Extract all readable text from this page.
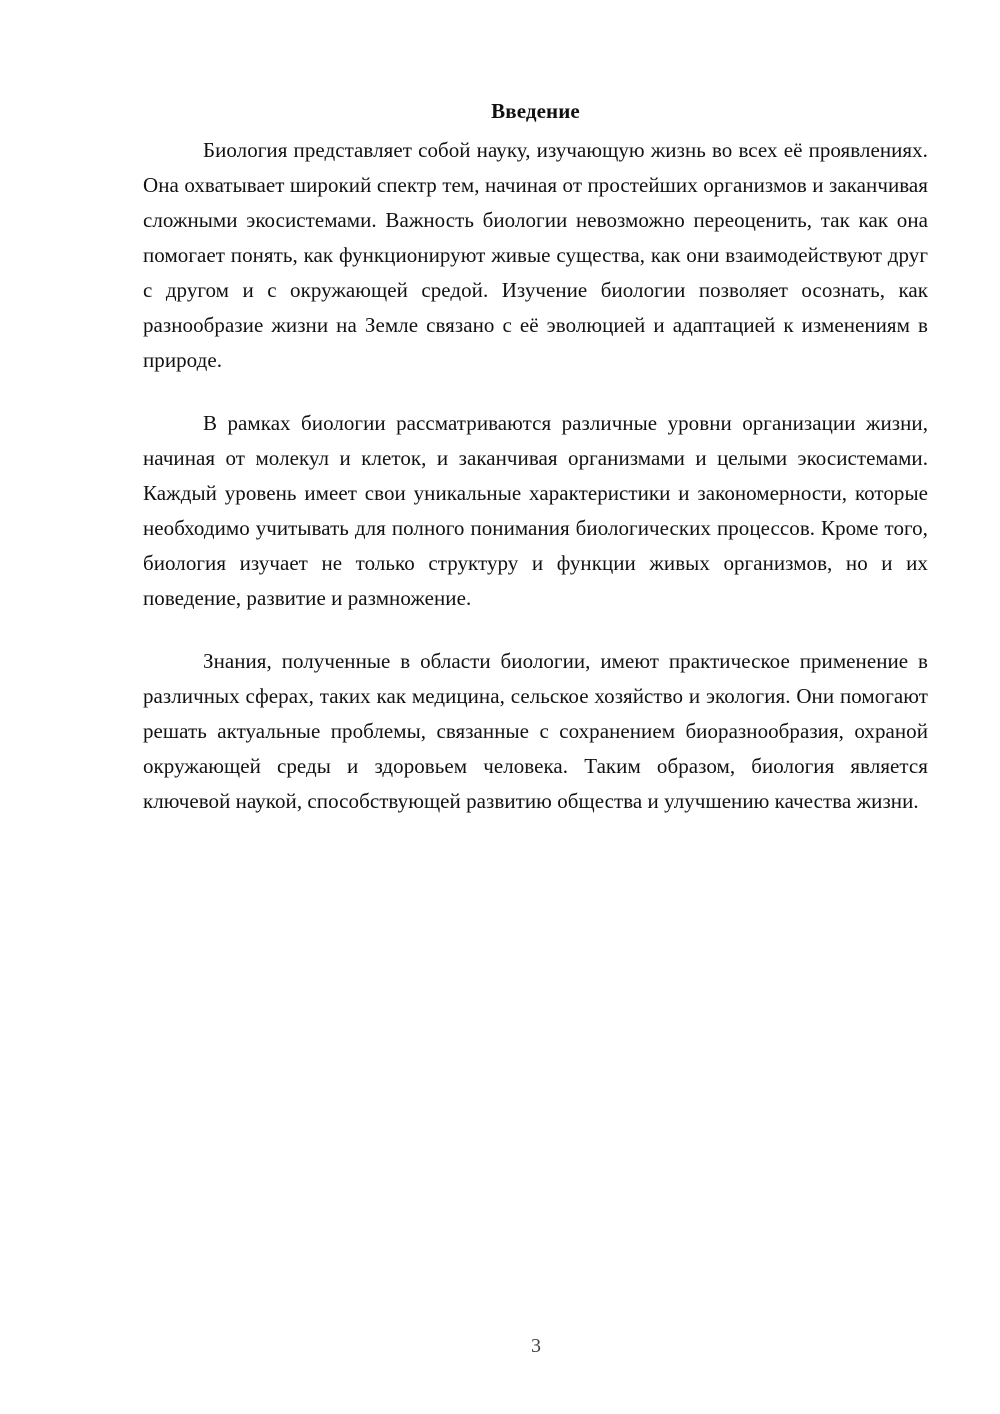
Введение

Биология представляет собой науку, изучающую жизнь во всех её проявлениях. Она охватывает широкий спектр тем, начиная от простейших организмов и заканчивая сложными экосистемами. Важность биологии невозможно переоценить, так как она помогает понять, как функционируют живые существа, как они взаимодействуют друг с другом и с окружающей средой. Изучение биологии позволяет осознать, как разнообразие жизни на Земле связано с её эволюцией и адаптацией к изменениям в природе.

В рамках биологии рассматриваются различные уровни организации жизни, начиная от молекул и клеток, и заканчивая организмами и целыми экосистемами. Каждый уровень имеет свои уникальные характеристики и закономерности, которые необходимо учитывать для полного понимания биологических процессов. Кроме того, биология изучает не только структуру и функции живых организмов, но и их поведение, развитие и размножение.

Знания, полученные в области биологии, имеют практическое применение в различных сферах, таких как медицина, сельское хозяйство и экология. Они помогают решать актуальные проблемы, связанные с сохранением биоразнообразия, охраной окружающей среды и здоровьем человека. Таким образом, биология является ключевой наукой, способствующей развитию общества и улучшению качества жизни.

3
